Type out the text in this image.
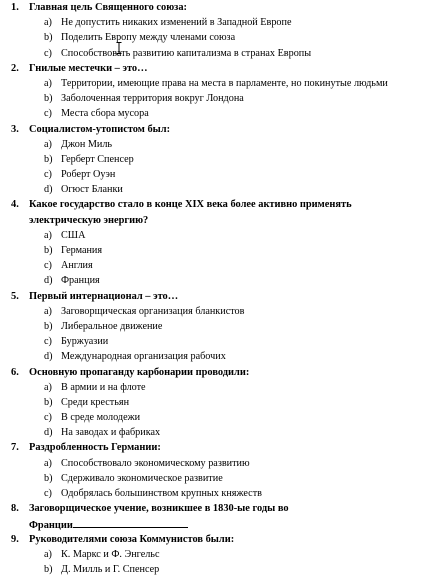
1. Главная цель Священного союза:
a) Не допустить никаких изменений в Западной Европе
b) Поделить Европу между членами союза
c) Способствовать развитию капитализма в странах Европы
2. Гнилые местечки – это…
a) Территории, имеющие права на места в парламенте, но покинутые людьми
b) Заболоченная территория вокруг Лондона
c) Места сбора мусора
3. Социалистом-утопистом был:
a) Джон Миль
b) Герберт Спенсер
c) Роберт Оуэн
d) Огюст Бланки
4. Какое государство стало в конце XIX века более активно применять
электрическую энергию?
a) США
b) Германия
c) Англия
d) Франция
5. Первый интернационал – это…
a) Заговорщическая организация бланкистов
b) Либеральное движение
c) Буржуазии
d) Международная организация рабочих
6. Основную пропаганду карбонарии проводили:
a) В армии и на флоте
b) Среди крестьян
c) В среде молодежи
d) На заводах и фабриках
7. Раздробленность Германии:
a) Способствовало экономическому развитию
b) Сдерживало экономическое развитие
c) Одобрялась большинством крупных княжеств
8. Заговорщическое учение, возникшее в 1830-ые годы во
Франции
9. Руководителями союза Коммунистов были:
a) К. Маркс и Ф. Энгельс
b) Д. Милль и Г. Спенсер
